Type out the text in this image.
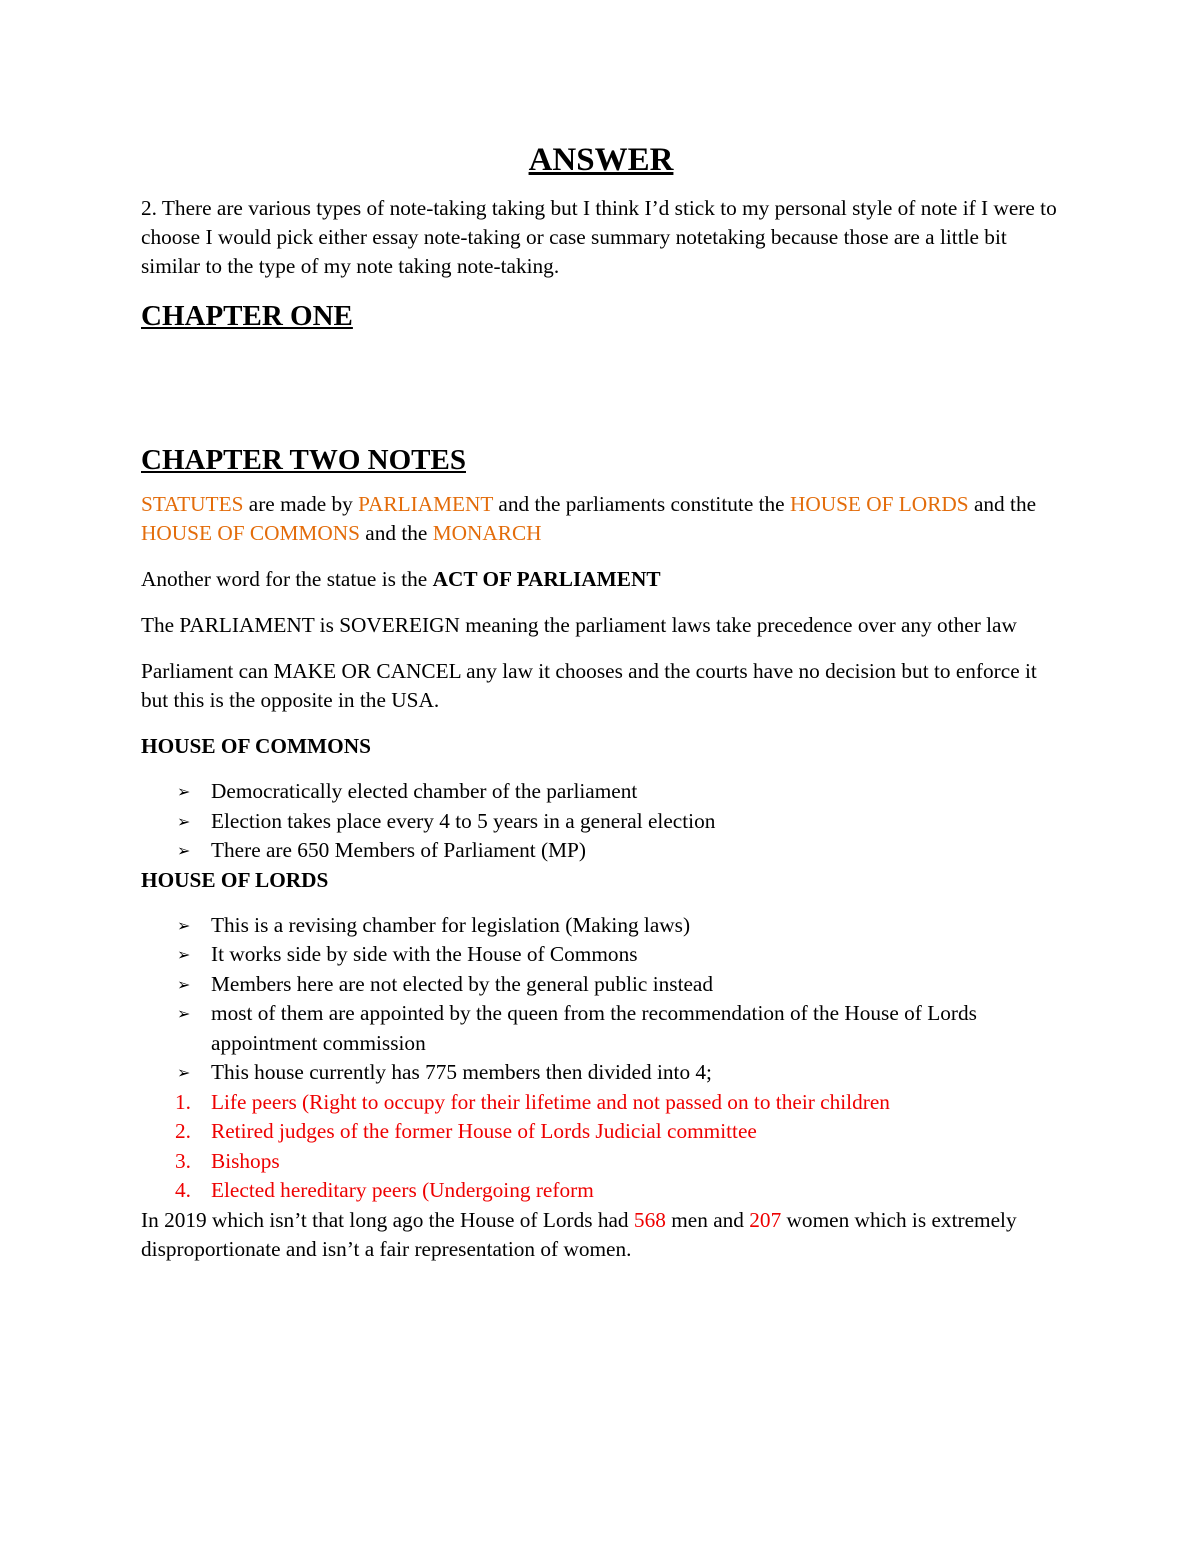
ANSWER

2. There are various types of note-taking taking but I think I’d stick to my personal style of note if I were to choose I would pick either essay note-taking or case summary notetaking because those are a little bit similar to the type of my note taking note-taking.

CHAPTER ONE
CHAPTER TWO NOTES

STATUTES are made by PARLIAMENT and the parliaments constitute the HOUSE OF LORDS and the HOUSE OF COMMONS and the MONARCH

Another word for the statue is the ACT OF PARLIAMENT

The PARLIAMENT is SOVEREIGN meaning the parliament laws take precedence over any other law

Parliament can MAKE OR CANCEL any law it chooses and the courts have no decision but to enforce it but this is the opposite in the USA.

HOUSE OF COMMONS
➢ Democratically elected chamber of the parliament
➢ Election takes place every 4 to 5 years in a general election
➢ There are 650 Members of Parliament (MP)
HOUSE OF LORDS
➢ This is a revising chamber for legislation (Making laws)
➢ It works side by side with the House of Commons
➢ Members here are not elected by the general public instead
➢ most of them are appointed by the queen from the recommendation of the House of Lords appointment commission
➢ This house currently has 775 members then divided into 4;
1. Life peers (Right to occupy for their lifetime and not passed on to their children
2. Retired judges of the former House of Lords Judicial committee
3. Bishops
4. Elected hereditary peers (Undergoing reform

In 2019 which isn’t that long ago the House of Lords had 568 men and 207 women which is extremely disproportionate and isn’t a fair representation of women.
